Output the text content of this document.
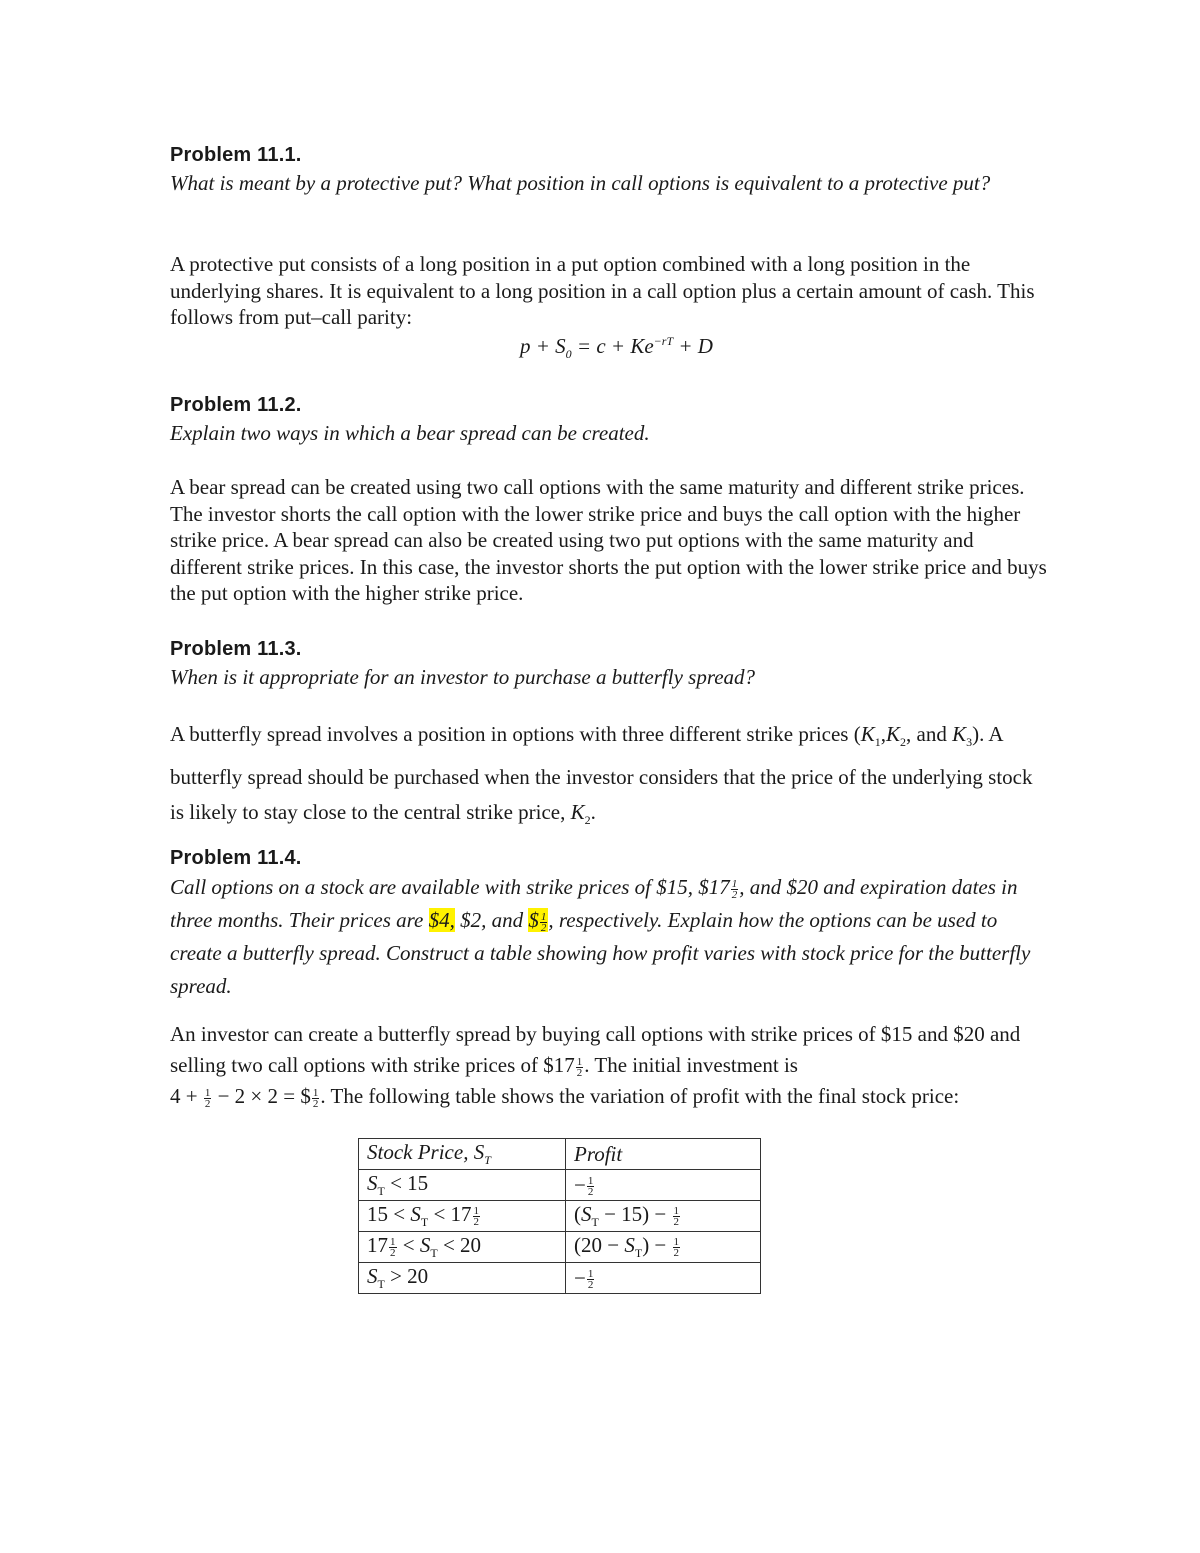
Problem 11.1.
What is meant by a protective put? What position in call options is equivalent to a protective put?
A protective put consists of a long position in a put option combined with a long position in the underlying shares. It is equivalent to a long position in a call option plus a certain amount of cash. This follows from put–call parity:
$p + S_0 = c + Ke^{-rT} + D$
Problem 11.2.
Explain two ways in which a bear spread can be created.
A bear spread can be created using two call options with the same maturity and different strike prices. The investor shorts the call option with the lower strike price and buys the call option with the higher strike price. A bear spread can also be created using two put options with the same maturity and different strike prices. In this case, the investor shorts the put option with the lower strike price and buys the put option with the higher strike price.
Problem 11.3.
When is it appropriate for an investor to purchase a butterfly spread?
A butterfly spread involves a position in options with three different strike prices ($K_1,K_2$, and $K_3$). A butterfly spread should be purchased when the investor considers that the price of the underlying stock is likely to stay close to the central strike price, $K_2$.
Problem 11.4.
Call options on a stock are available with strike prices of $15, $17 $\frac{1}{2}$ , and $20 and expiration dates in three months. Their prices are $4, $2, and $ $\frac{1}{2}$ , respectively. Explain how the options can be used to create a butterfly spread. Construct a table showing how profit varies with stock price for the butterfly spread.
An investor can create a butterfly spread by buying call options with strike prices of $15 and $20 and selling two call options with strike prices of $17 $\frac{1}{2}$ . The initial investment is
$4 + \frac{1}{2} - 2 \times 2$ = $ $\frac{1}{2}$ . The following table shows the variation of profit with the final stock price:
Stock Price, $S_T$	Profit
$S_T < 15$	− $\frac{1}{2}$

$15 < S_T < 17 \frac{1}{2}$	$(S_T - 15) - \frac{1}{2}$

$17 \frac{1}{2} < S_T < 20$	$(20 - S_T) - \frac{1}{2}$

$S_T > 20$	− $\frac{1}{2}$
